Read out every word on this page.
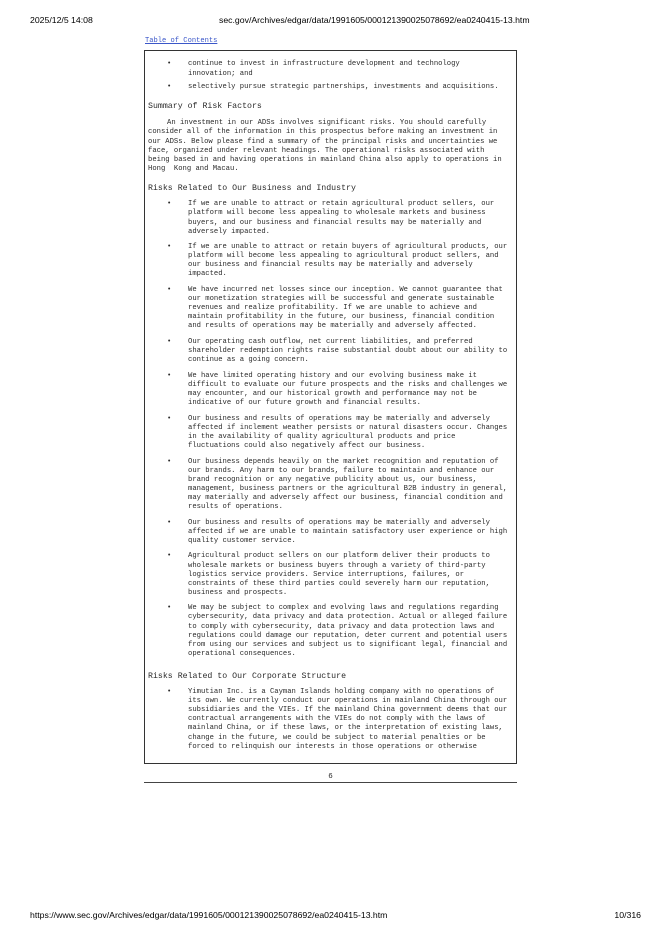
2025/12/5 14:08	sec.gov/Archives/edgar/data/1991605/000121390025078692/ea0240415-13.htm
Table of Contents
• continue to invest in infrastructure development and technology
innovation; and
• selectively pursue strategic partnerships, investments and acquisitions.
Summary of Risk Factors
An investment in our ADSs involves significant risks. You should carefully
consider all of the information in this prospectus before making an investment in
our ADSs. Below please find a summary of the principal risks and uncertainties we
face, organized under relevant headings. The operational risks associated with
being based in and having operations in mainland China also apply to operations in
Hong  Kong and Macau.
Risks Related to Our Business and Industry
• If we are unable to attract or retain agricultural product sellers, our
platform will become less appealing to wholesale markets and business
buyers, and our business and financial results may be materially and
adversely impacted.
• If we are unable to attract or retain buyers of agricultural products, our
platform will become less appealing to agricultural product sellers, and
our business and financial results may be materially and adversely
impacted.
• We have incurred net losses since our inception. We cannot guarantee that
our monetization strategies will be successful and generate sustainable
revenues and realize profitability. If we are unable to achieve and
maintain profitability in the future, our business, financial condition
and results of operations may be materially and adversely affected.
• Our operating cash outflow, net current liabilities, and preferred
shareholder redemption rights raise substantial doubt about our ability to
continue as a going concern.
• We have limited operating history and our evolving business make it
difficult to evaluate our future prospects and the risks and challenges we
may encounter, and our historical growth and performance may not be
indicative of our future growth and financial results.
• Our business and results of operations may be materially and adversely
affected if inclement weather persists or natural disasters occur. Changes
in the availability of quality agricultural products and price
fluctuations could also negatively affect our business.
• Our business depends heavily on the market recognition and reputation of
our brands. Any harm to our brands, failure to maintain and enhance our
brand recognition or any negative publicity about us, our business,
management, business partners or the agricultural B2B industry in general,
may materially and adversely affect our business, financial condition and
results of operations.
• Our business and results of operations may be materially and adversely
affected if we are unable to maintain satisfactory user experience or high
quality customer service.
• Agricultural product sellers on our platform deliver their products to
wholesale markets or business buyers through a variety of third-party
logistics service providers. Service interruptions, failures, or
constraints of these third parties could severely harm our reputation,
business and prospects.
• We may be subject to complex and evolving laws and regulations regarding
cybersecurity, data privacy and data protection. Actual or alleged failure
to comply with cybersecurity, data privacy and data protection laws and
regulations could damage our reputation, deter current and potential users
from using our services and subject us to significant legal, financial and
operational consequences.
Risks Related to Our Corporate Structure
• Yimutian Inc. is a Cayman Islands holding company with no operations of
its own. We currently conduct our operations in mainland China through our
subsidiaries and the VIEs. If the mainland China government deems that our
contractual arrangements with the VIEs do not comply with the laws of
mainland China, or if these laws, or the interpretation of existing laws,
change in the future, we could be subject to material penalties or be
forced to relinquish our interests in those operations or otherwise
6
https://www.sec.gov/Archives/edgar/data/1991605/000121390025078692/ea0240415-13.htm	10/316
